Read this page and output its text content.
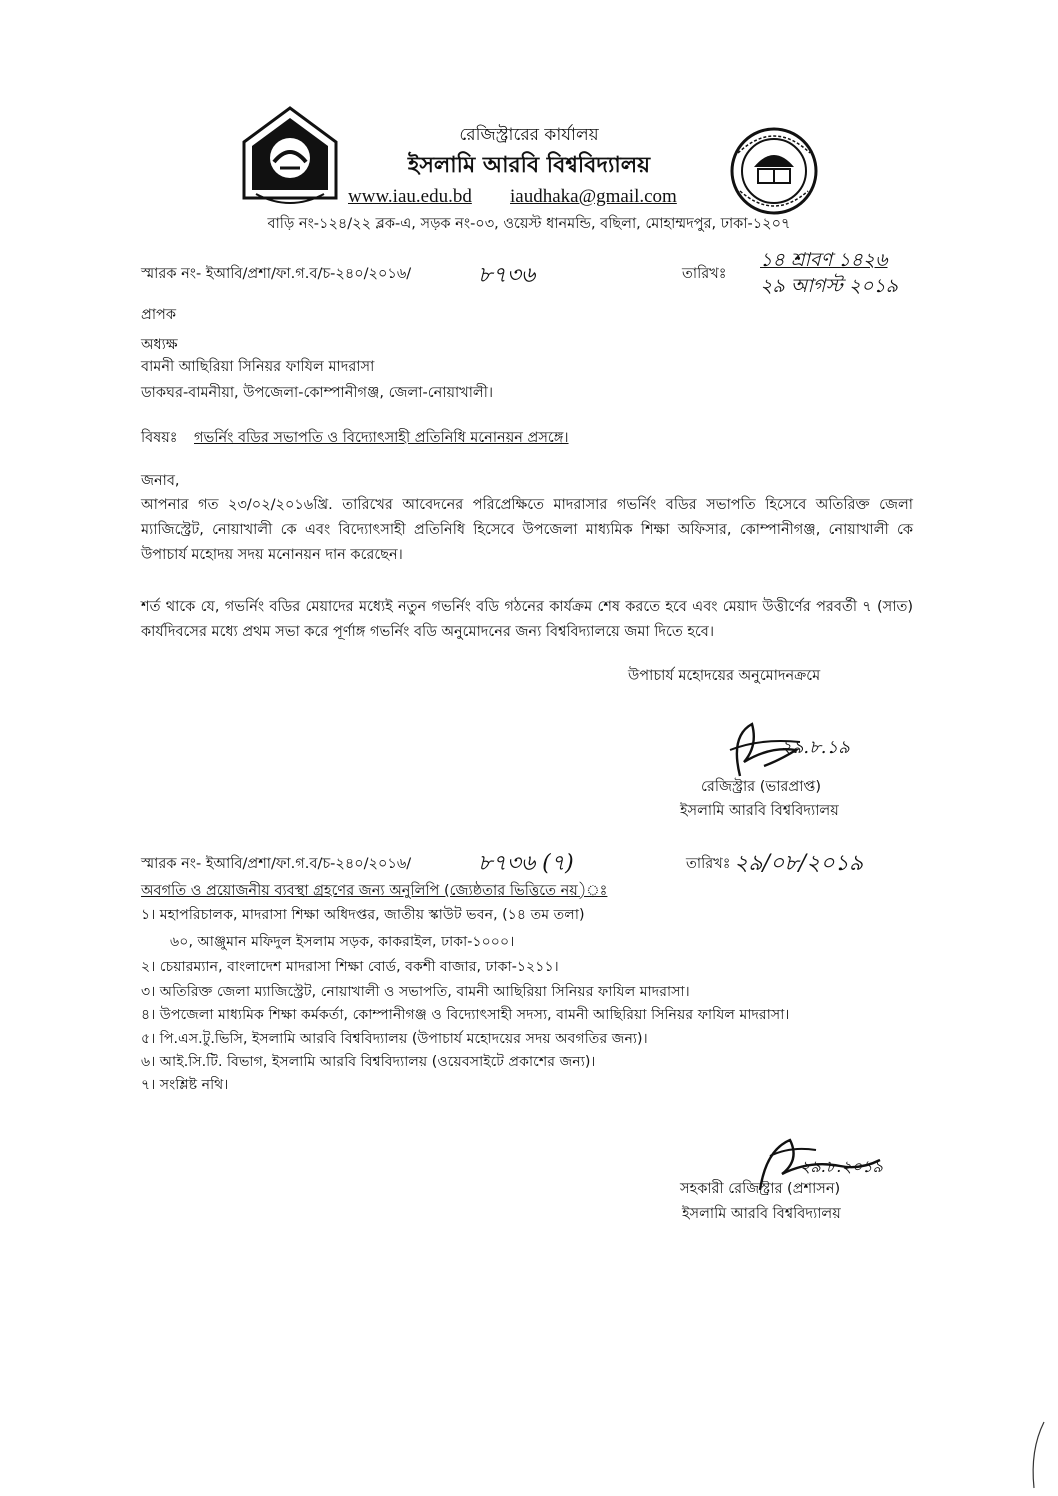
রেজিস্ট্রারের কার্যালয়
ইসলামি আরবি বিশ্ববিদ্যালয়
www.iau.edu.bd iaudhaka@gmail.com
বাড়ি নং-১২৪/২২ ব্লক-এ, সড়ক নং-০৩, ওয়েস্ট ধানমন্ডি, বছিলা, মোহাম্মদপুর, ঢাকা-১২০৭
স্মারক নং- ইআবি/প্রশা/ফা.গ.ব/চ-২৪০/২০১৬/	৮৭৩৬	তারিখঃ
১৪ শ্রাবণ ১৪২৬
২৯ আগস্ট ২০১৯
প্রাপক
অধ্যক্ষ
বামনী আছিরিয়া সিনিয়র ফাযিল মাদরাসা
ডাকঘর-বামনীয়া, উপজেলা-কোম্পানীগঞ্জ, জেলা-নোয়াখালী।
বিষয়ঃ গভর্নিং বডির সভাপতি ও বিদ্যোৎসাহী প্রতিনিধি মনোনয়ন প্রসঙ্গে।
জনাব,
আপনার গত ২৩/০২/২০১৬খ্রি. তারিখের আবেদনের পরিপ্রেক্ষিতে মাদরাসার গভর্নিং বডির সভাপতি হিসেবে অতিরিক্ত জেলা ম্যাজিস্ট্রেট, নোয়াখালী কে এবং বিদ্যোৎসাহী প্রতিনিধি হিসেবে উপজেলা মাধ্যমিক শিক্ষা অফিসার, কোম্পানীগঞ্জ, নোয়াখালী কে উপাচার্য মহোদয় সদয় মনোনয়ন দান করেছেন।
শর্ত থাকে যে, গভর্নিং বডির মেয়াদের মধ্যেই নতুন গভর্নিং বডি গঠনের কার্যক্রম শেষ করতে হবে এবং মেয়াদ উত্তীর্ণের পরবর্তী ৭ (সাত) কার্যদিবসের মধ্যে প্রথম সভা করে পূর্ণাঙ্গ গভর্নিং বডি অনুমোদনের জন্য বিশ্ববিদ্যালয়ে জমা দিতে হবে।
উপাচার্য মহোদয়ের অনুমোদনক্রমে
২৯.৮.১৯
রেজিস্ট্রার (ভারপ্রাপ্ত)
ইসলামি আরবি বিশ্ববিদ্যালয়
স্মারক নং- ইআবি/প্রশা/ফা.গ.ব/চ-২৪০/২০১৬/	৮৭৩৬ (৭)	তারিখঃ ২৯/০৮/২০১৯
অবগতি ও প্রয়োজনীয় ব্যবস্থা গ্রহণের জন্য অনুলিপি (জ্যেষ্ঠতার ভিত্তিতে নয়)ঃ
১। মহাপরিচালক, মাদরাসা শিক্ষা অধিদপ্তর, জাতীয় স্কাউট ভবন, (১৪ তম তলা)
৬০, আঞ্জুমান মফিদুল ইসলাম সড়ক, কাকরাইল, ঢাকা-১০০০।
২। চেয়ারম্যান, বাংলাদেশ মাদরাসা শিক্ষা বোর্ড, বকশী বাজার, ঢাকা-১২১১।
৩। অতিরিক্ত জেলা ম্যাজিস্ট্রেট, নোয়াখালী ও সভাপতি, বামনী আছিরিয়া সিনিয়র ফাযিল মাদরাসা।
৪। উপজেলা মাধ্যমিক শিক্ষা কর্মকর্তা, কোম্পানীগঞ্জ ও বিদ্যোৎসাহী সদস্য, বামনী আছিরিয়া সিনিয়র ফাযিল মাদরাসা।
৫। পি.এস.টু.ভিসি, ইসলামি আরবি বিশ্ববিদ্যালয় (উপাচার্য মহোদয়ের সদয় অবগতির জন্য)।
৬। আই.সি.টি. বিভাগ, ইসলামি আরবি বিশ্ববিদ্যালয় (ওয়েবসাইটে প্রকাশের জন্য)।
৭। সংশ্লিষ্ট নথি।
২৯.৮.২০১৯
সহকারী রেজিস্ট্রার (প্রশাসন)
ইসলামি আরবি বিশ্ববিদ্যালয়
